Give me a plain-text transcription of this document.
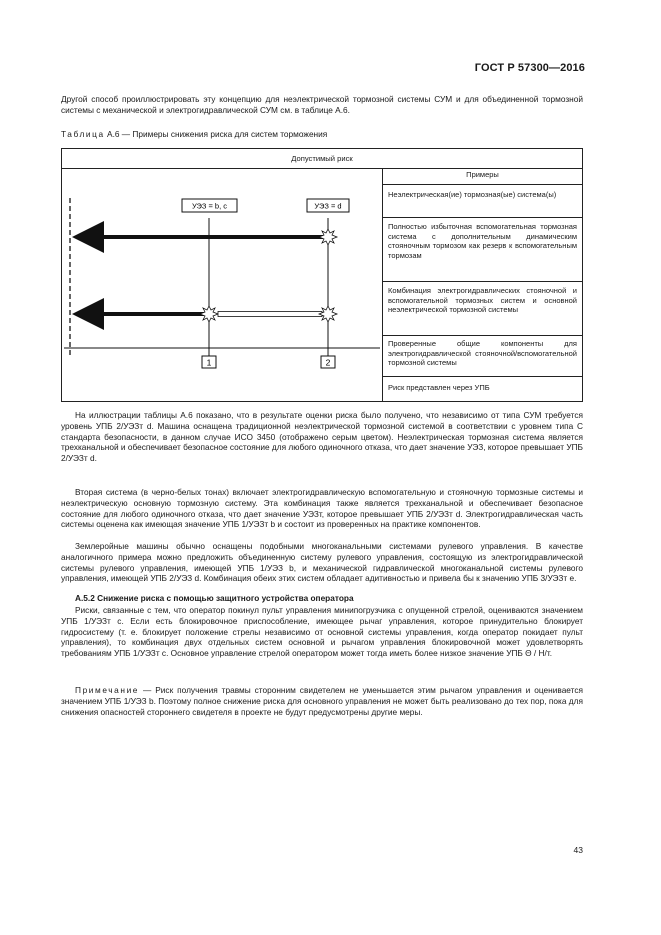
ГОСТ Р 57300—2016

Другой способ проиллюстрировать эту концепцию для неэлектрической тормозной системы СУМ и для объединенной тормозной системы с механической и электрогидравлической СУМ см. в таблице А.6.

Таблица А.6 — Примеры снижения риска для систем торможения

Допустимый риск
УЭЗ = b, c	УЭЗ = d
1	2
Примеры
Неэлектрическая(ие) тормозная(ые) система(ы)
Полностью избыточная вспомогательная тормозная система с дополнительным динамическим стояночным тормозом как резерв к вспомогательным тормозам
Комбинация электрогидравлических стояночной и вспомогательной тормозных систем и основной неэлектрической тормозной системы
Проверенные общие компоненты для электрогидравлической стояночной/вспомогательной тормозной системы
Риск представлен через УПБ

На иллюстрации таблицы А.6 показано, что в результате оценки риска было получено, что независимо от типа СУМ требуется уровень УПБ 2/УЭЗт d. Машина оснащена традиционной неэлектрической тормозной системой в соответствии с уровнем типа С стандарта безопасности, в данном случае ИСО 3450 (отображено серым цветом). Неэлектрическая тормозная система является трехканальной и обеспечивает безопасное состояние для любого одиночного отказа, что дает значение УЭЗ, которое превышает УПБ 2/УЭЗт d.

Вторая система (в черно-белых тонах) включает электрогидравлическую вспомогательную и стояночную тормозные системы и неэлектрическую основную тормозную систему. Эта комбинация также является трехканальной и обеспечивает безопасное состояние для любого одиночного отказа, что дает значение УЭЗт, которое превышает УПБ 2/УЭЗт d. Электрогидравлическая часть системы оценена как имеющая значение УПБ 1/УЭЗт b и состоит из проверенных на практике компонентов.

Землеройные машины обычно оснащены подобными многоканальными системами рулевого управления. В качестве аналогичного примера можно предложить объединенную систему рулевого управления, состоящую из электрогидравлической системы рулевого управления, имеющей УПБ 1/УЭЗ b, и механической гидравлической многоканальной системы рулевого управления, имеющей УПБ 2/УЭЗ d. Комбинация обеих этих систем обладает адитивностью и привела бы к значению УПБ 3/УЭЗт e.

А.5.2 Снижение риска с помощью защитного устройства оператора

Риски, связанные с тем, что оператор покинул пульт управления минипогрузчика с опущенной стрелой, оцениваются значением УПБ 1/УЭЗт c. Если есть блокировочное приспособление, имеющее рычаг управления, которое принудительно блокирует гидросистему (т. е. блокирует положение стрелы независимо от основной системы управления, когда оператор покидает пульт управления), то комбинация двух отдельных систем основной и рычагом управления блокировочной может удовлетворять требованиям УПБ 1/УЭЗт c. Основное управление стрелой оператором может тогда иметь более низкое значение УПБ Θ / Н/т.

Примечание — Риск получения травмы сторонним свидетелем не уменьшается этим рычагом управления и оценивается значением УПБ 1/УЭЗ b. Поэтому полное снижение риска для основного управления не может быть реализовано до тех пор, пока для снижения опасностей стороннего свидетеля в проекте не будут предусмотрены другие меры.

43
